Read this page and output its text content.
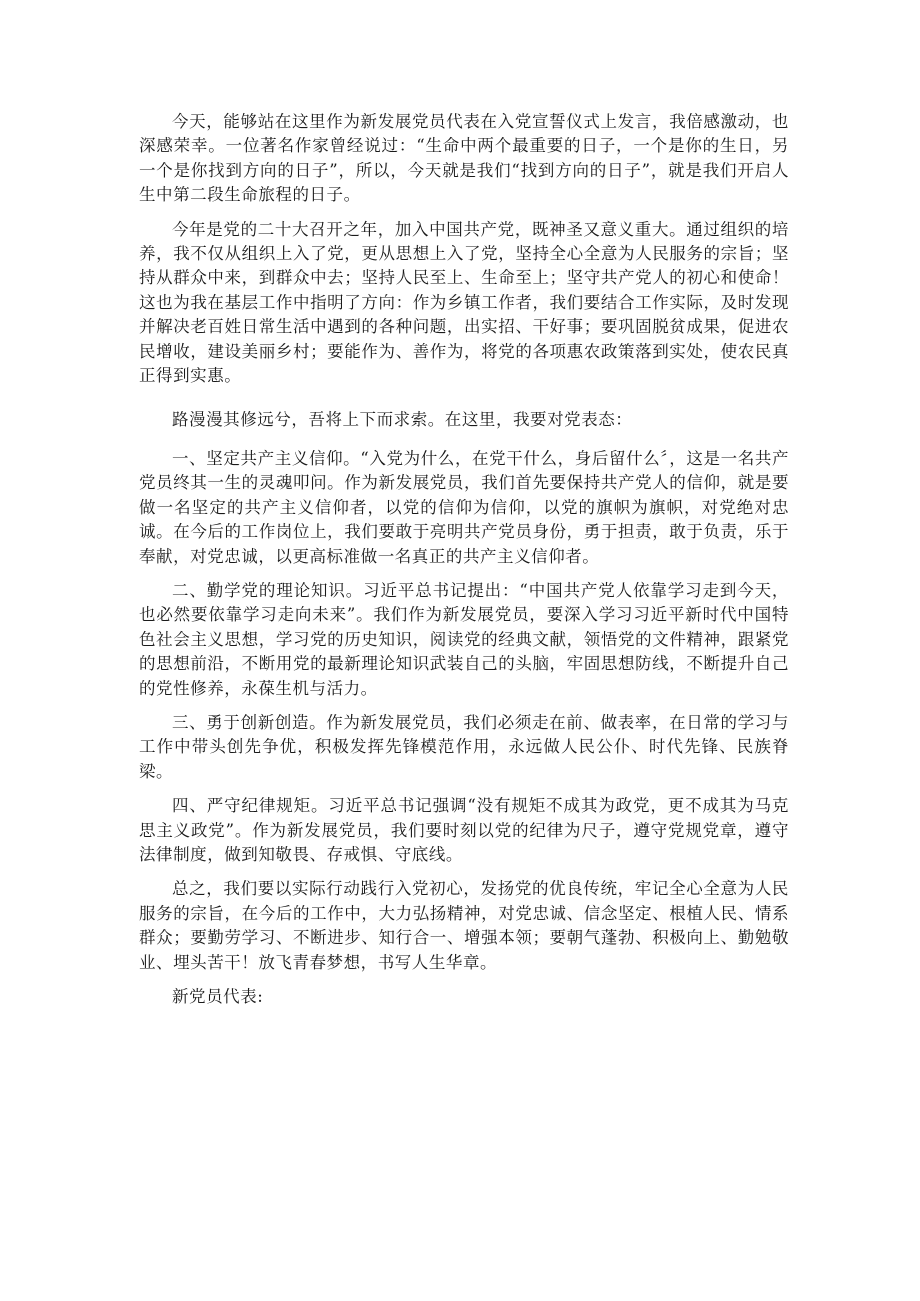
今天，能够站在这里作为新发展党员代表在入党宣誓仪式上发言，我倍感激动，也深感荣幸。一位著名作家曾经说过：“生命中两个最重要的日子，一个是你的生日，另一个是你找到方向的日子”，所以，今天就是我们“找到方向的日子”，就是我们开启人生中第二段生命旅程的日子。

今年是党的二十大召开之年，加入中国共产党，既神圣又意义重大。通过组织的培养，我不仅从组织上入了党，更从思想上入了党，坚持全心全意为人民服务的宗旨；坚持从群众中来，到群众中去；坚持人民至上、生命至上；坚守共产党人的初心和使命！这也为我在基层工作中指明了方向：作为乡镇工作者，我们要结合工作实际，及时发现并解决老百姓日常生活中遇到的各种问题，出实招、干好事；要巩固脱贫成果，促进农民增收，建设美丽乡村；要能作为、善作为，将党的各项惠农政策落到实处，使农民真正得到实惠。

路漫漫其修远兮，吾将上下而求索。在这里，我要对党表态：

一、坚定共产主义信仰。“入党为什么，在党干什么，身后留什么〞，这是一名共产党员终其一生的灵魂叩问。作为新发展党员，我们首先要保持共产党人的信仰，就是要做一名坚定的共产主义信仰者，以党的信仰为信仰，以党的旗帜为旗帜，对党绝对忠诚。在今后的工作岗位上，我们要敢于亮明共产党员身份，勇于担责，敢于负责，乐于奉献，对党忠诚，以更高标准做一名真正的共产主义信仰者。

二、勤学党的理论知识。习近平总书记提出：“中国共产党人依靠学习走到今天，也必然要依靠学习走向未来”。我们作为新发展党员，要深入学习习近平新时代中国特色社会主义思想，学习党的历史知识，阅读党的经典文献，领悟党的文件精神，跟紧党的思想前沿，不断用党的最新理论知识武装自己的头脑，牢固思想防线，不断提升自己的党性修养，永葆生机与活力。

三、勇于创新创造。作为新发展党员，我们必须走在前、做表率，在日常的学习与工作中带头创先争优，积极发挥先锋模范作用，永远做人民公仆、时代先锋、民族脊梁。

四、严守纪律规矩。习近平总书记强调“没有规矩不成其为政党，更不成其为马克思主义政党”。作为新发展党员，我们要时刻以党的纪律为尺子，遵守党规党章，遵守法律制度，做到知敬畏、存戒惧、守底线。

总之，我们要以实际行动践行入党初心，发扬党的优良传统，牢记全心全意为人民服务的宗旨，在今后的工作中，大力弘扬精神，对党忠诚、信念坚定、根植人民、情系群众；要勤劳学习、不断进步、知行合一、增强本领；要朝气蓬勃、积极向上、勤勉敬业、埋头苦干！放飞青春梦想，书写人生华章。

新党员代表:
